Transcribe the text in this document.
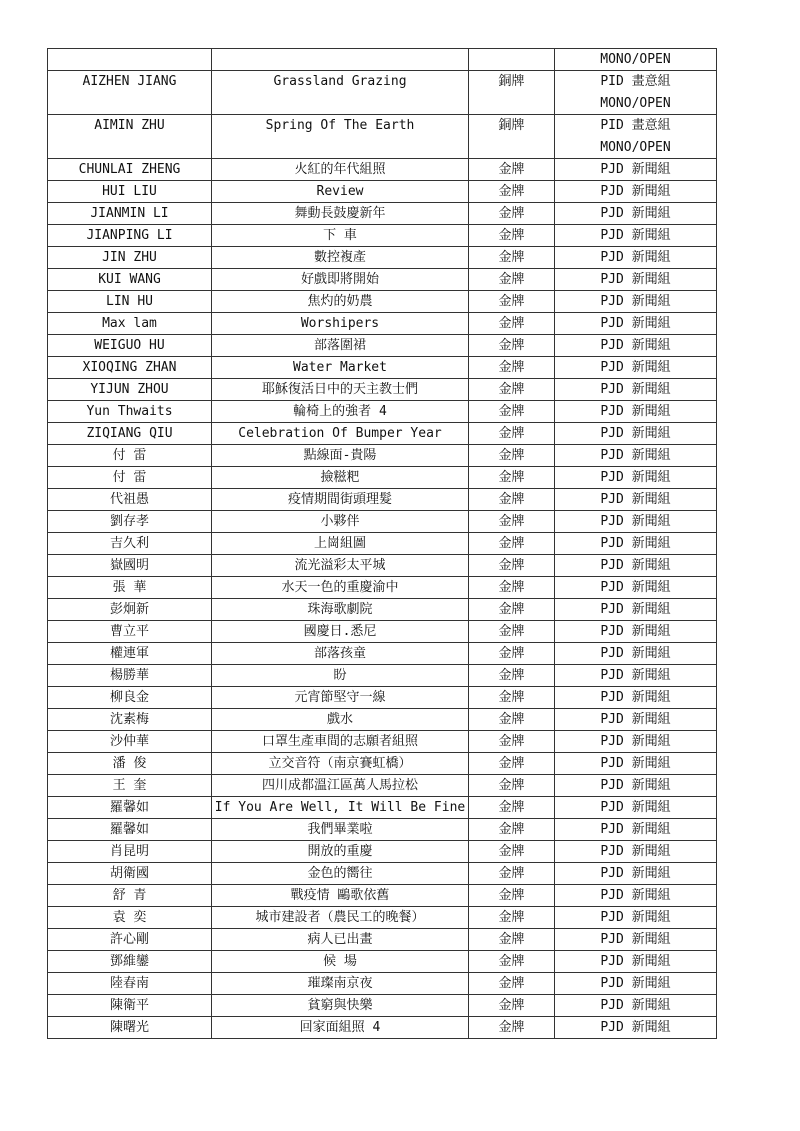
			MONO/OPEN
AIZHEN JIANG	Grassland Grazing	銅牌	PID 畫意組
MONO/OPEN

AIMIN ZHU	Spring Of The Earth	銅牌	PID 畫意組
MONO/OPEN

CHUNLAI ZHENG	火紅的年代組照	金牌	PJD 新聞組
HUI LIU	Review	金牌	PJD 新聞組
JIANMIN LI	舞動長鼓慶新年	金牌	PJD 新聞組
JIANPING LI	下 車	金牌	PJD 新聞組
JIN ZHU	數控複產	金牌	PJD 新聞組
KUI WANG	好戲即將開始	金牌	PJD 新聞組
LIN HU	焦灼的奶農	金牌	PJD 新聞組
Max lam	Worshipers	金牌	PJD 新聞組
WEIGUO HU	部落圍裙	金牌	PJD 新聞組
XIOQING ZHAN	Water Market	金牌	PJD 新聞組
YIJUN ZHOU	耶穌復活日中的天主教士們	金牌	PJD 新聞組
Yun Thwaits	輪椅上的強者 4	金牌	PJD 新聞組
ZIQIANG QIU	Celebration Of Bumper Year	金牌	PJD 新聞組
付 雷	點線面-貴陽	金牌	PJD 新聞組
付 雷	撿糍粑	金牌	PJD 新聞組
代祖愚	疫情期間街頭理髮	金牌	PJD 新聞組
劉存孝	小夥伴	金牌	PJD 新聞組
吉久利	上崗組圖	金牌	PJD 新聞組
嶽國明	流光溢彩太平城	金牌	PJD 新聞組
張 華	水天一色的重慶渝中	金牌	PJD 新聞組
彭炯新	珠海歌劇院	金牌	PJD 新聞組
曹立平	國慶日.悉尼	金牌	PJD 新聞組
權連軍	部落孩童	金牌	PJD 新聞組
楊勝華	盼	金牌	PJD 新聞組
柳良金	元宵節堅守一線	金牌	PJD 新聞組
沈素梅	戲水	金牌	PJD 新聞組
沙仲華	口罩生產車間的志願者組照	金牌	PJD 新聞組
潘 俊	立交音符（南京賽虹橋）	金牌	PJD 新聞組
王 奎	四川成都溫江區萬人馬拉松	金牌	PJD 新聞組
羅馨如	If You Are Well, It Will Be Fine	金牌	PJD 新聞組
羅馨如	我們畢業啦	金牌	PJD 新聞組
肖昆明	開放的重慶	金牌	PJD 新聞組
胡衛國	金色的嚮往	金牌	PJD 新聞組
舒 青	戰疫情 鷗歌依舊	金牌	PJD 新聞組
袁 奕	城市建設者（農民工的晚餐）	金牌	PJD 新聞組
許心剛	病人已出畫	金牌	PJD 新聞組
鄧維鑾	候 場	金牌	PJD 新聞組
陸春南	璀璨南京夜	金牌	PJD 新聞組
陳衛平	貧窮與快樂	金牌	PJD 新聞組
陳曙光	回家面組照 4	金牌	PJD 新聞組
